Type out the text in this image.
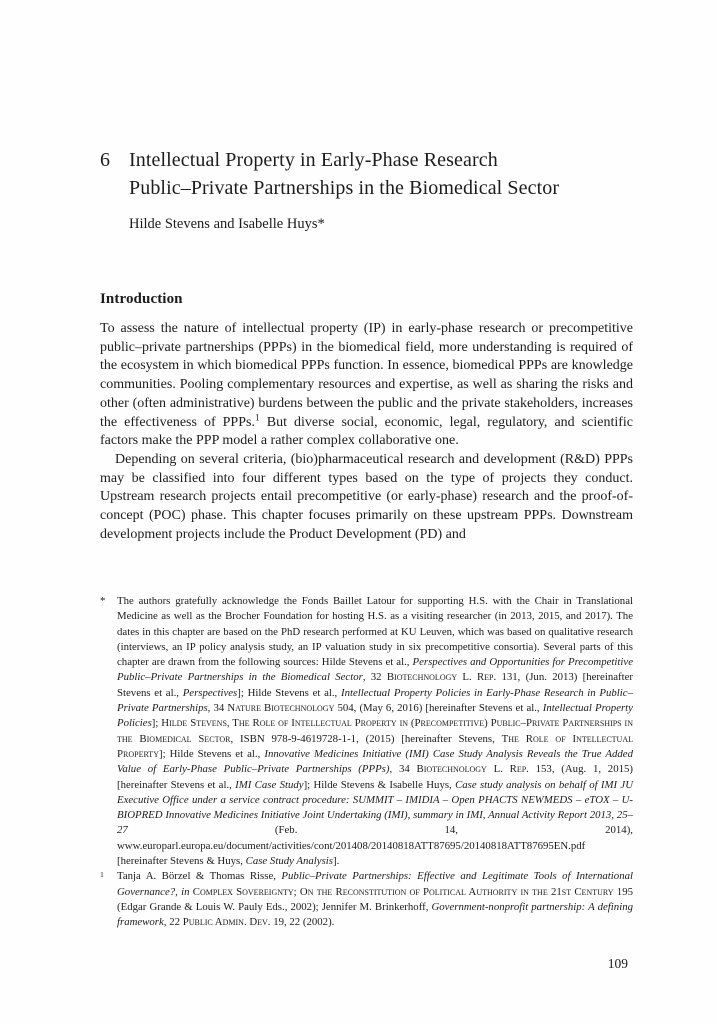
6 Intellectual Property in Early-Phase Research
Public–Private Partnerships in the Biomedical Sector
Hilde Stevens and Isabelle Huys*
Introduction

To assess the nature of intellectual property (IP) in early-phase research or precompetitive public–private partnerships (PPPs) in the biomedical field, more understanding is required of the ecosystem in which biomedical PPPs function. In essence, biomedical PPPs are knowledge communities. Pooling complementary resources and expertise, as well as sharing the risks and other (often administrative) burdens between the public and the private stakeholders, increases the effectiveness of PPPs.$^1$ But diverse social, economic, legal, regulatory, and scientific factors make the PPP model a rather complex collaborative one.

Depending on several criteria, (bio)pharmaceutical research and development (R&D) PPPs may be classified into four different types based on the type of projects they conduct. Upstream research projects entail precompetitive (or early-phase) research and the proof-of-concept (POC) phase. This chapter focuses primarily on these upstream PPPs. Downstream development projects include the Product Development (PD) and

* The authors gratefully acknowledge the Fonds Baillet Latour for supporting H.S. with the Chair in Translational Medicine as well as the Brocher Foundation for hosting H.S. as a visiting researcher (in 2013, 2015, and 2017). The dates in this chapter are based on the PhD research performed at KU Leuven, which was based on qualitative research (interviews, an IP policy analysis study, an IP valuation study in six precompetitive consortia). Several parts of this chapter are drawn from the following sources: Hilde Stevens et al., Perspectives and Opportunities for Precompetitive Public–Private Partnerships in the Biomedical Sector, 32 Biotechnology L. Rep. 131, (Jun. 2013) [hereinafter Stevens et al., Perspectives]; Hilde Stevens et al., Intellectual Property Policies in Early-Phase Research in Public–Private Partnerships, 34 Nature Biotechnology 504, (May 6, 2016) [hereinafter Stevens et al., Intellectual Property Policies]; Hilde Stevens, The Role of Intellectual Property in (Precompetitive) Public–Private Partnerships in the Biomedical Sector, ISBN 978-9-4619728-1-1, (2015) [hereinafter Stevens, The Role of Intellectual Property]; Hilde Stevens et al., Innovative Medicines Initiative (IMI) Case Study Analysis Reveals the True Added Value of Early-Phase Public–Private Partnerships (PPPs), 34 Biotechnology L. Rep. 153, (Aug. 1, 2015) [hereinafter Stevens et al., IMI Case Study]; Hilde Stevens & Isabelle Huys, Case study analysis on behalf of IMI JU Executive Office under a service contract procedure: SUMMIT – IMIDIA – Open PHACTS NEWMEDS – eTOX – U-BIOPRED Innovative Medicines Initiative Joint Undertaking (IMI), summary in IMI, Annual Activity Report 2013, 25–27 (Feb. 14, 2014), www.europarl.europa.eu/document/activities/cont/201408/20140818ATT87695/20140818ATT87695EN.pdf [hereinafter Stevens & Huys, Case Study Analysis].
1 Tanja A. Börzel & Thomas Risse, Public–Private Partnerships: Effective and Legitimate Tools of International Governance?, in Complex Sovereignty; On the Reconstitution of Political Authority in the 21st Century 195 (Edgar Grande & Louis W. Pauly Eds., 2002); Jennifer M. Brinkerhoff, Government-nonprofit partnership: A defining framework, 22 Public Admin. Dev. 19, 22 (2002).
109
